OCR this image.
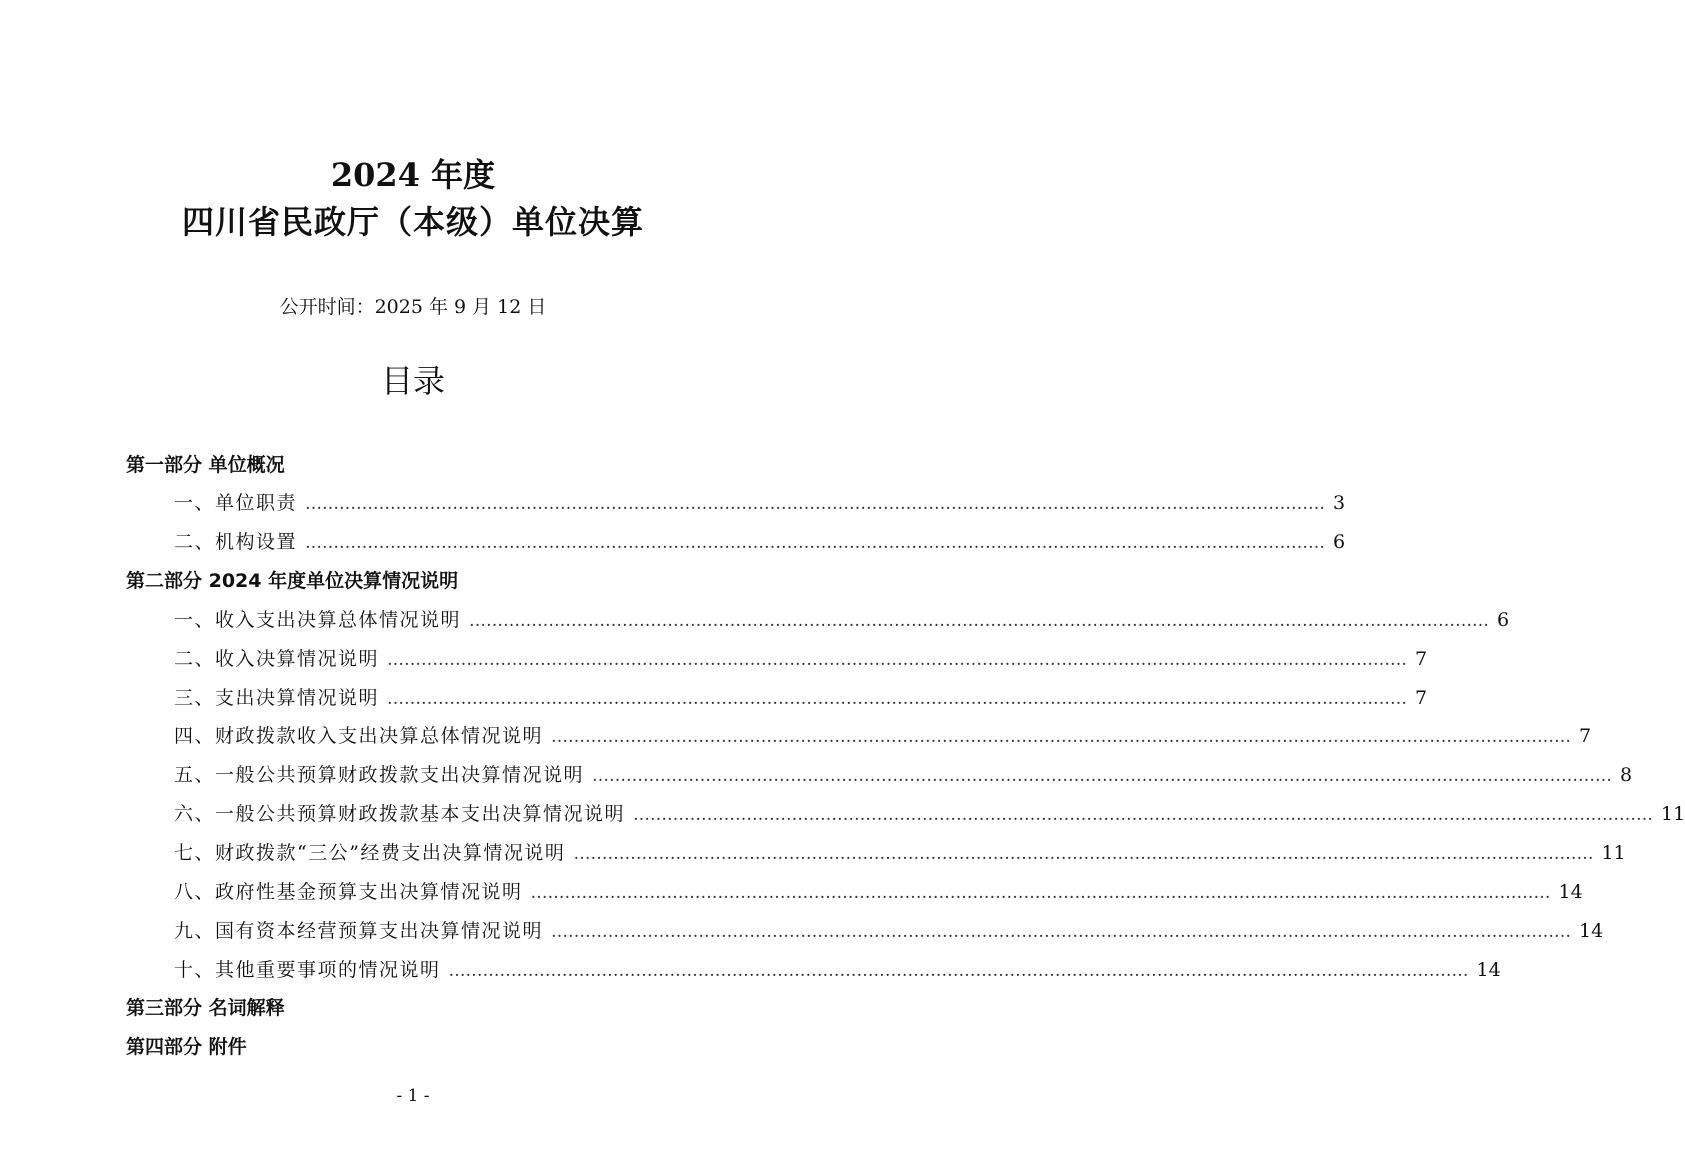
2024 年度
四川省民政厅（本级）单位决算
公开时间：2025 年 9 月 12 日
目录
第一部分 单位概况
一、单位职责 ……………………………………………………………………………………………………………………………………………………………… 3
二、机构设置 ……………………………………………………………………………………………………………………………………………………………… 6
第二部分 2024 年度单位决算情况说明
一、收入支出决算总体情况说明 ……………………………………………………………………………………………………………………………………………………………… 6
二、收入决算情况说明 ……………………………………………………………………………………………………………………………………………………………… 7
三、支出决算情况说明 ……………………………………………………………………………………………………………………………………………………………… 7
四、财政拨款收入支出决算总体情况说明 ……………………………………………………………………………………………………………………………………………………………… 7
五、一般公共预算财政拨款支出决算情况说明 ……………………………………………………………………………………………………………………………………………………………… 8
六、一般公共预算财政拨款基本支出决算情况说明 ……………………………………………………………………………………………………………………………………………………………… 11
七、财政拨款“三公”经费支出决算情况说明 ……………………………………………………………………………………………………………………………………………………………… 11
八、政府性基金预算支出决算情况说明 ……………………………………………………………………………………………………………………………………………………………… 14
九、国有资本经营预算支出决算情况说明 ……………………………………………………………………………………………………………………………………………………………… 14
十、其他重要事项的情况说明 ……………………………………………………………………………………………………………………………………………………………… 14
第三部分 名词解释
第四部分 附件
- 1 -
